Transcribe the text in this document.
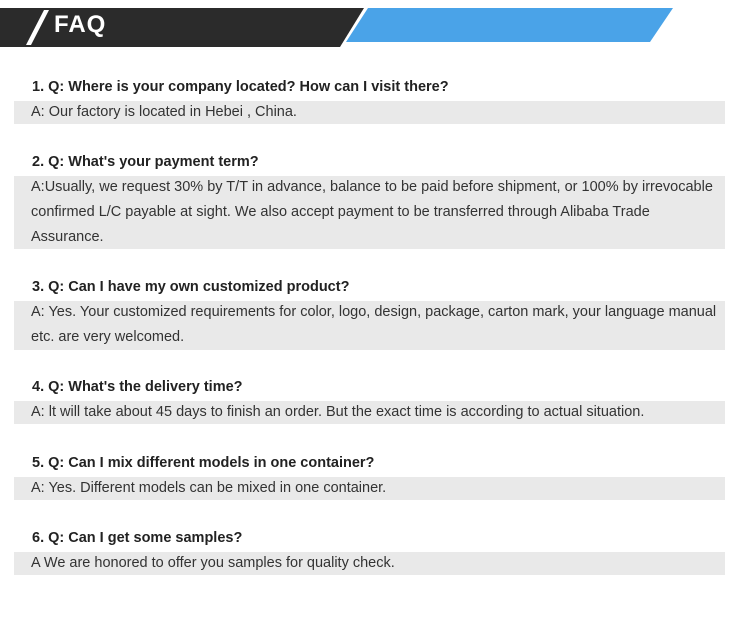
FAQ
1. Q: Where is your company located? How can I visit there?
A: Our factory is located in Hebei , China.
2. Q: What's your payment term?
A:Usually, we request 30% by T/T in advance, balance to be paid before shipment, or 100% by irrevocable confirmed L/C payable at sight. We also accept payment to be transferred through Alibaba Trade Assurance.
3. Q: Can I have my own customized product?
A: Yes. Your customized requirements for color, logo, design, package, carton mark, your language manual etc. are very welcomed.
4. Q: What's the delivery time?
A: lt will take about 45 days to finish an order. But the exact time is according to actual situation.
5. Q: Can I mix different models in one container?
A: Yes. Different models can be mixed in one container.
6. Q: Can I get some samples?
A We are honored to offer you samples for quality check.
